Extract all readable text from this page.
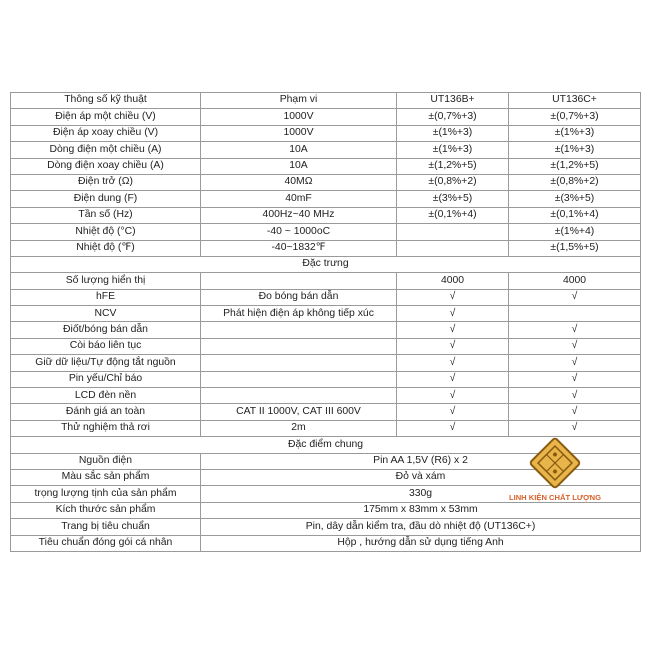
Thông số kỹ thuật	Phạm vi	UT136B+	UT136C+
Điện áp một chiều (V)	1000V	±(0,7%+3)	±(0,7%+3)
Điện áp xoay chiều (V)	1000V	±(1%+3)	±(1%+3)
Dòng điện một chiều (A)	10A	±(1%+3)	±(1%+3)
Dòng điện xoay chiều (A)	10A	±(1,2%+5)	±(1,2%+5)
Điện trở (Ω)	40MΩ	±(0,8%+2)	±(0,8%+2)
Điện dung (F)	40mF	±(3%+5)	±(3%+5)
Tần số (Hz)	400Hz~40 MHz	±(0,1%+4)	±(0,1%+4)
Nhiệt độ (°C)	-40 ~ 1000oC		±(1%+4)
Nhiệt độ (℉)	-40~1832℉		±(1,5%+5)
Đặc trưng			
Số lượng hiển thị		4000	4000
hFE	Đo bóng bán dẫn	√	√
NCV	Phát hiện điện áp không tiếp xúc	√	
Điốt/bóng bán dẫn		√	√
Còi báo liên tục		√	√
Giữ dữ liệu/Tự động tắt nguồn		√	√
Pin yếu/Chỉ báo		√	√
LCD đèn nền		√	√
Đánh giá an toàn	CAT II 1000V, CAT III 600V	√	√
Thử nghiệm thả rơi	2m	√	√
Đặc điểm chung			
Nguồn điện	Pin AA 1,5V (R6) x 2		
Màu sắc sản phẩm	Đỏ và xám		
trọng lượng tịnh của sản phẩm	330g		
Kích thước sản phẩm	175mm x 83mm x 53mm		
Trang bị tiêu chuẩn	Pin, dây dẫn kiểm tra, đầu dò nhiệt độ (UT136C+)		
Tiêu chuẩn đóng gói cá nhân	Hộp , hướng dẫn sử dụng tiếng Anh		
LINH KIỆN CHẤT LƯỢNG
